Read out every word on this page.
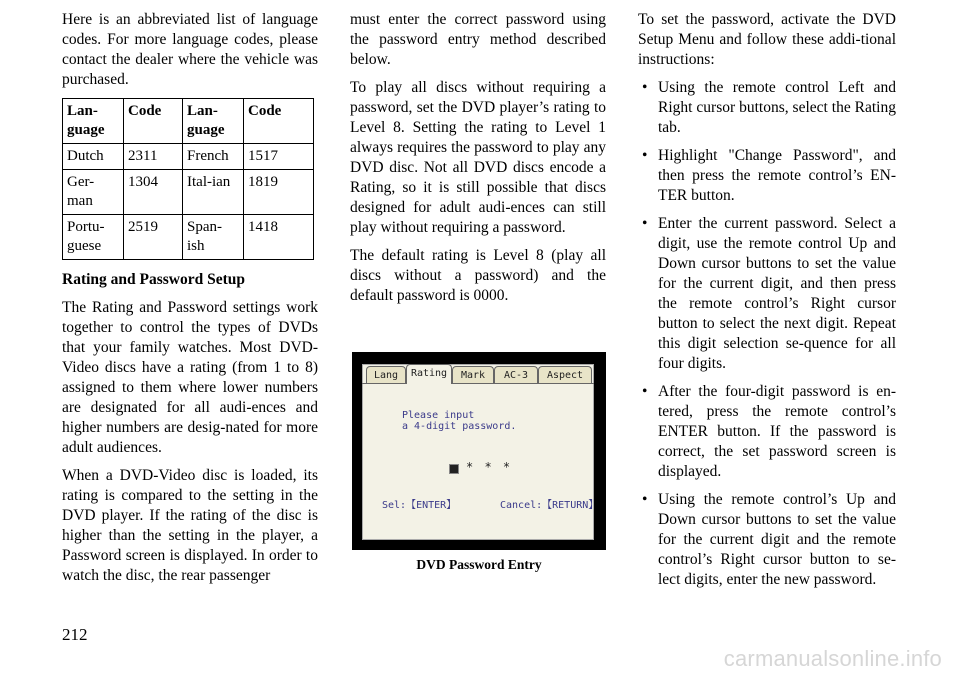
Here is an abbreviated list of language codes. For more language codes, please contact the dealer where the vehicle was purchased.

Lan-guage	Code	Lan-guage	Code
Dutch	2311	French	1517
Ger-man	1304	Ital-ian	1819
Portu-guese	2519	Span-ish	1418
Rating and Password Setup

The Rating and Password settings work together to control the types of DVDs that your family watches. Most DVD-Video discs have a rating (from 1 to 8) assigned to them where lower numbers are designated for all audi-ences and higher numbers are desig-nated for more adult audiences.

When a DVD-Video disc is loaded, its rating is compared to the setting in the DVD player. If the rating of the disc is higher than the setting in the player, a Password screen is displayed. In order to watch the disc, the rear passenger

must enter the correct password using the password entry method described below.

To play all discs without requiring a password, set the DVD player’s rating to Level 8. Setting the rating to Level 1 always requires the password to play any DVD disc. Not all DVD discs encode a Rating, so it is still possible that discs designed for adult audi-ences can still play without requiring a password.

The default rating is Level 8 (play all discs without a password) and the default password is 0000.

Lang	Rating	Mark	AC-3	Aspect
Please input
a 4-digit password.
* * *
Sel:【ENTER】	Cancel:【RETURN】
DVD Password Entry

To set the password, activate the DVD Setup Menu and follow these addi-tional instructions:

• Using the remote control Left and Right cursor buttons, select the Rating tab.
• Highlight "Change Password", and then press the remote control’s EN-TER button.
• Enter the current password. Select a digit, use the remote control Up and Down cursor buttons to set the value for the current digit, and then press the remote control’s Right cursor button to select the next digit. Repeat this digit selection se-quence for all four digits.
• After the four-digit password is en-tered, press the remote control’s ENTER button. If the password is correct, the set password screen is displayed.
• Using the remote control’s Up and Down cursor buttons to set the value for the current digit and the remote control’s Right cursor button to se-lect digits, enter the new password.
212
carmanualsonline.info
